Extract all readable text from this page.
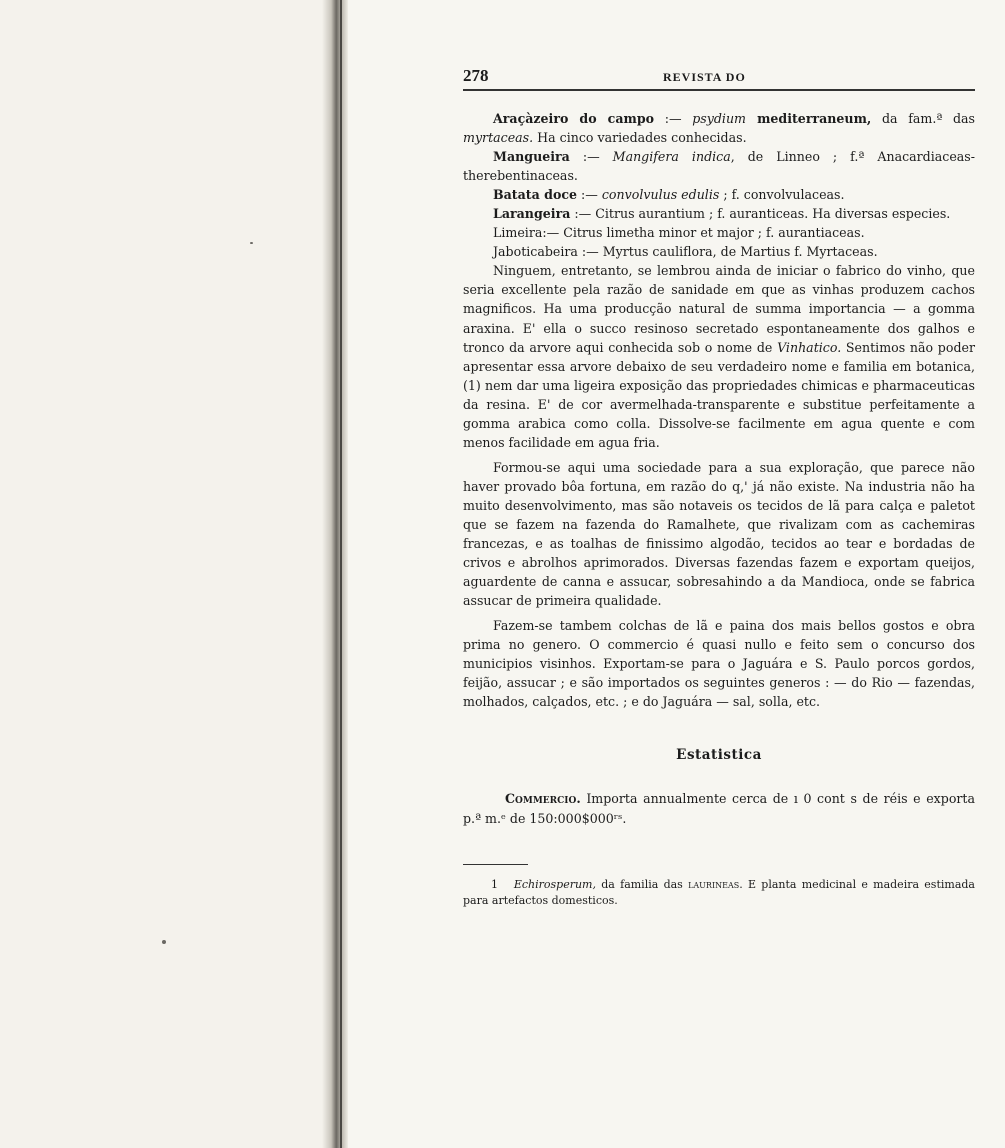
278	REVISTA DO

Araçàzeiro do campo :— psydium mediterraneum, da fam.ª das myrtaceas. Ha cinco variedades conhecidas.

Mangueira :— Mangifera indica, de Linneo ; f.ª Anacardiaceas-therebentinaceas.

Batata doce :— convolvulus edulis ; f. convolvulaceas.

Larangeira :— Citrus aurantium ; f. auranticeas. Ha diversas especies.

Limeira:— Citrus limetha minor et major ; f. aurantiaceas.

Jaboticabeira :— Myrtus cauliflora, de Martius f. Myrtaceas.

Ninguem, entretanto, se lembrou ainda de iniciar o fabrico do vinho, que seria excellente pela razão de sanidade em que as vinhas produzem cachos magnificos. Ha uma producção natural de summa importancia — a gomma araxina. E' ella o succo resinoso secretado espontaneamente dos galhos e tronco da arvore aqui conhecida sob o nome de Vinhatico. Sentimos não poder apresentar essa arvore debaixo de seu verdadeiro nome e familia em botanica, (1) nem dar uma ligeira exposição das propriedades chimicas e pharmaceuticas da resina. E' de cor avermelhada-transparente e substitue perfeitamente a gomma arabica como colla. Dissolve-se facilmente em agua quente e com menos facilidade em agua fria.

Formou-se aqui uma sociedade para a sua exploração, que parece não haver provado bôa fortuna, em razão do q,' já não existe. Na industria não ha muito desenvolvimento, mas são notaveis os tecidos de lã para calça e paletot que se fazem na fazenda do Ramalhete, que rivalizam com as cachemiras francezas, e as toalhas de finissimo algodão, tecidos ao tear e bordadas de crivos e abrolhos aprimorados. Diversas fazendas fazem e exportam queijos, aguardente de canna e assucar, sobresahindo a da Mandioca, onde se fabrica assucar de primeira qualidade.

Fazem-se tambem colchas de lã e paina dos mais bellos gostos e obra prima no genero. O commercio é quasi nullo e feito sem o concurso dos municipios visinhos. Exportam-se para o Jaguára e S. Paulo porcos gordos, feijão, assucar ; e são importados os seguintes generos : — do Rio — fazendas, molhados, calçados, etc. ; e do Jaguára — sal, solla, etc.

Estatistica

Commercio. Importa annualmente cerca de ı 0 cont s de réis e exporta p.ª m.ᵉ de 150:000$000ʳˢ.

1 Echirosperum, da familia das laurineas. E planta medicinal e madeira estimada para artefactos domesticos.
